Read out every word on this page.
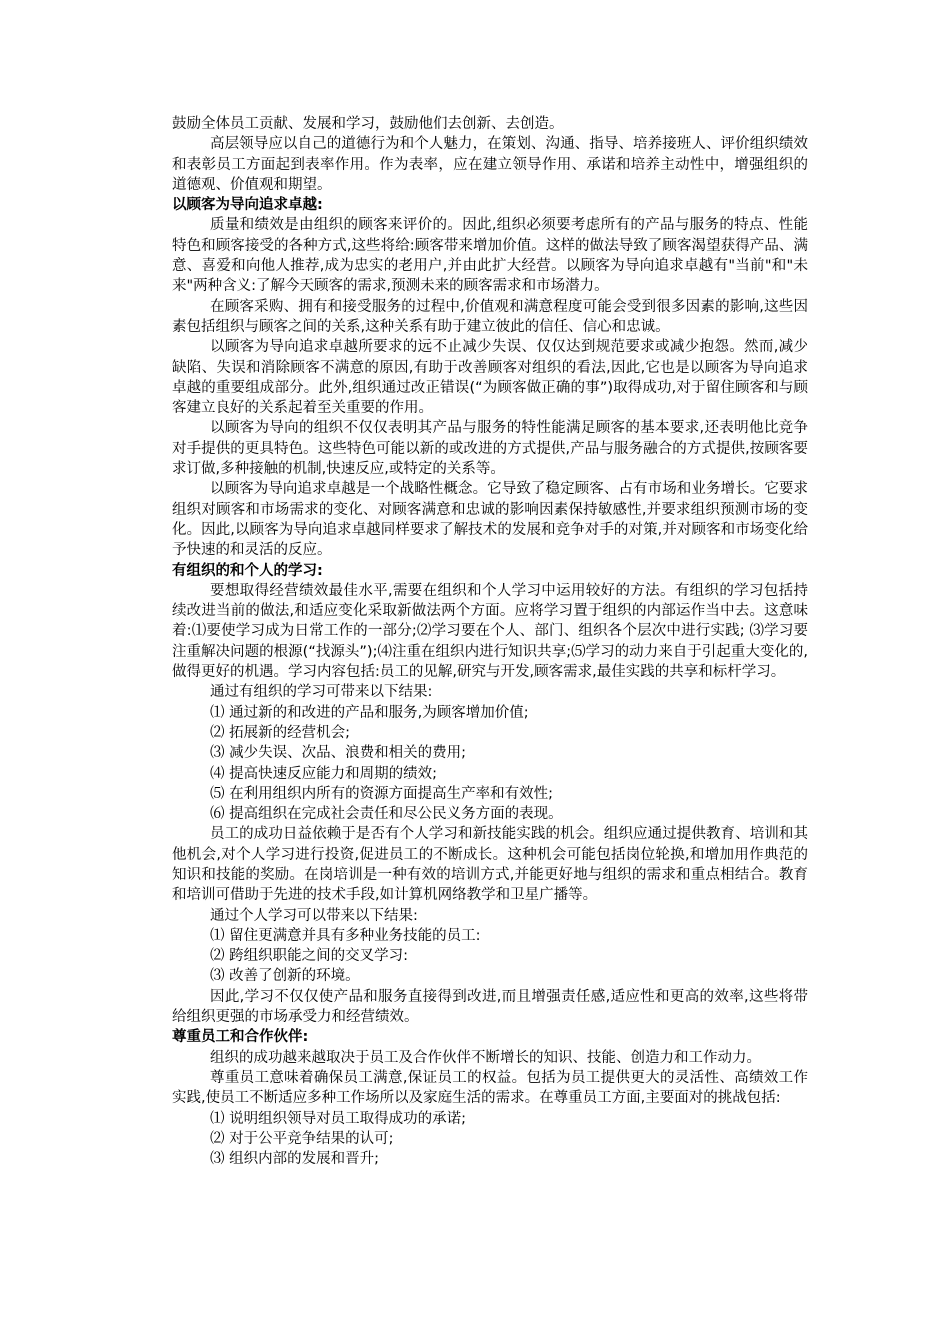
鼓励全体员工贡献、发展和学习，鼓励他们去创新、去创造。

高层领导应以自己的道德行为和个人魅力，在策划、沟通、指导、培养接班人、评价组织绩效和表彰员工方面起到表率作用。作为表率，应在建立领导作用、承诺和培养主动性中，增强组织的道德观、价值观和期望。

以顾客为导向追求卓越:

质量和绩效是由组织的顾客来评价的。因此,组织必须要考虑所有的产品与服务的特点、性能特色和顾客接受的各种方式,这些将给:顾客带来增加价值。这样的做法导致了顾客渴望获得产品、满意、喜爱和向他人推荐,成为忠实的老用户,并由此扩大经营。以顾客为导向追求卓越有"当前"和"未来"两种含义:了解今天顾客的需求,预测未来的顾客需求和市场潜力。

在顾客采购、拥有和接受服务的过程中,价值观和满意程度可能会受到很多因素的影响,这些因素包括组织与顾客之间的关系,这种关系有助于建立彼此的信任、信心和忠诚。

以顾客为导向追求卓越所要求的远不止减少失误、仅仅达到规范要求或减少抱怨。然而,减少缺陷、失误和消除顾客不满意的原因,有助于改善顾客对组织的看法,因此,它也是以顾客为导向追求卓越的重要组成部分。此外,组织通过改正错误(“为顾客做正确的事”)取得成功,对于留住顾客和与顾客建立良好的关系起着至关重要的作用。

以顾客为导向的组织不仅仅表明其产品与服务的特性能满足顾客的基本要求,还表明他比竞争对手提供的更具特色。这些特色可能以新的或改进的方式提供,产品与服务融合的方式提供,按顾客要求订做,多种接触的机制,快速反应,或特定的关系等。

以顾客为导向追求卓越是一个战略性概念。它导致了稳定顾客、占有市场和业务增长。它要求组织对顾客和市场需求的变化、对顾客满意和忠诚的影响因素保持敏感性,并要求组织预测市场的变化。因此,以顾客为导向追求卓越同样要求了解技术的发展和竞争对手的对策,并对顾客和市场变化给予快速的和灵活的反应。

有组织的和个人的学习:

要想取得经营绩效最佳水平,需要在组织和个人学习中运用较好的方法。有组织的学习包括持续改进当前的做法,和适应变化采取新做法两个方面。应将学习置于组织的内部运作当中去。这意味着:⑴要使学习成为日常工作的一部分;⑵学习要在个人、部门、组织各个层次中进行实践; ⑶学习要注重解决问题的根源(“找源头”);⑷注重在组织内进行知识共享;⑸学习的动力来自于引起重大变化的,做得更好的机遇。学习内容包括:员工的见解,研究与开发,顾客需求,最佳实践的共享和标杆学习。

通过有组织的学习可带来以下结果:

⑴ 通过新的和改进的产品和服务,为顾客增加价值;

⑵ 拓展新的经营机会;

⑶ 减少失误、次品、浪费和相关的费用;

⑷ 提高快速反应能力和周期的绩效;

⑸ 在利用组织内所有的资源方面提高生产率和有效性;

⑹ 提高组织在完成社会责任和尽公民义务方面的表现。

员工的成功日益依赖于是否有个人学习和新技能实践的机会。组织应通过提供教育、培训和其他机会,对个人学习进行投资,促进员工的不断成长。这种机会可能包括岗位轮换,和增加用作典范的知识和技能的奖励。在岗培训是一种有效的培训方式,并能更好地与组织的需求和重点相结合。教育和培训可借助于先进的技术手段,如计算机网络教学和卫星广播等。

通过个人学习可以带来以下结果:

⑴ 留住更满意并具有多种业务技能的员工:

⑵ 跨组织职能之间的交叉学习:

⑶ 改善了创新的环境。

因此,学习不仅仅使产品和服务直接得到改进,而且增强责任感,适应性和更高的效率,这些将带给组织更强的市场承受力和经营绩效。

尊重员工和合作伙伴:

组织的成功越来越取决于员工及合作伙伴不断增长的知识、技能、创造力和工作动力。

尊重员工意味着确保员工满意,保证员工的权益。包括为员工提供更大的灵活性、高绩效工作实践,使员工不断适应多种工作场所以及家庭生活的需求。在尊重员工方面,主要面对的挑战包括:

⑴ 说明组织领导对员工取得成功的承诺;

⑵ 对于公平竞争结果的认可;

⑶ 组织内部的发展和晋升;
